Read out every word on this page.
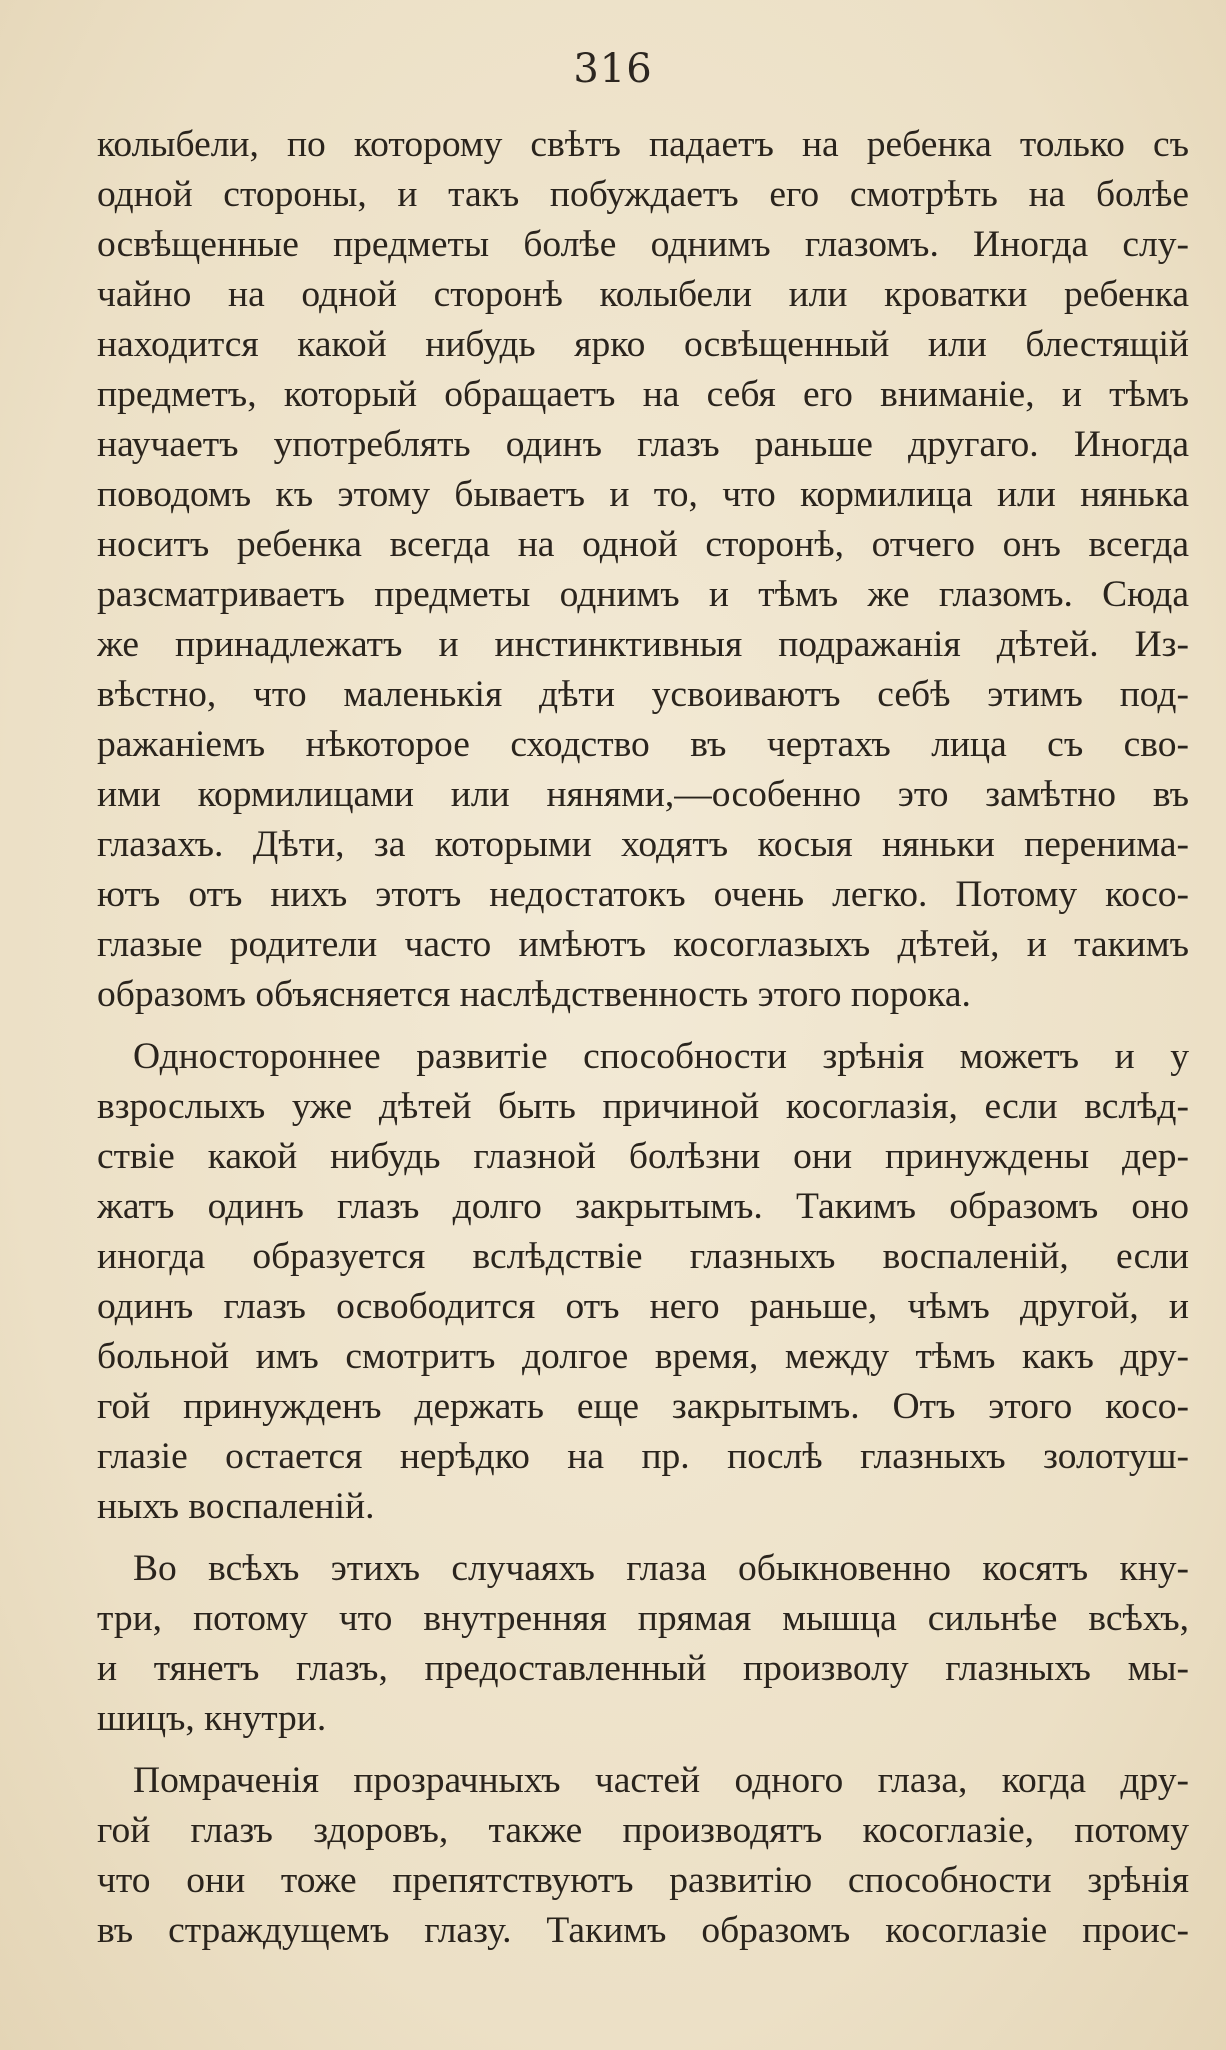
316
колыбели, по которому свѣтъ падаетъ на ребенка только съ
одной стороны, и такъ побуждаетъ его смотрѣть на болѣе
освѣщенные предметы болѣе однимъ глазомъ. Иногда слу-
чайно на одной сторонѣ колыбели или кроватки ребенка
находится какой нибудь ярко освѣщенный или блестящій
предметъ, который обращаетъ на себя его вниманіе, и тѣмъ
научаетъ употреблять одинъ глазъ раньше другаго. Иногда
поводомъ къ этому бываетъ и то, что кормилица или нянька
носитъ ребенка всегда на одной сторонѣ, отчего онъ всегда
разсматриваетъ предметы однимъ и тѣмъ же глазомъ. Сюда
же принадлежатъ и инстинктивныя подражанія дѣтей. Из-
вѣстно, что маленькія дѣти усвоиваютъ себѣ этимъ под-
ражаніемъ нѣкоторое сходство въ чертахъ лица съ сво-
ими кормилицами или нянями,—особенно это замѣтно въ
глазахъ. Дѣти, за которыми ходятъ косыя няньки перенима-
ютъ отъ нихъ этотъ недостатокъ очень легко. Потому косо-
глазые родители часто имѣютъ косоглазыхъ дѣтей, и такимъ
образомъ объясняется наслѣдственность этого порока.
Одностороннее развитіе способности зрѣнія можетъ и у
взрослыхъ уже дѣтей быть причиной косоглазія, если вслѣд-
ствіе какой нибудь глазной болѣзни они принуждены дер-
жатъ одинъ глазъ долго закрытымъ. Такимъ образомъ оно
иногда образуется вслѣдствіе глазныхъ воспаленій, если
одинъ глазъ освободится отъ него раньше, чѣмъ другой, и
больной имъ смотритъ долгое время, между тѣмъ какъ дру-
гой принужденъ держать еще закрытымъ. Отъ этого косо-
глазіе остается нерѣдко на пр. послѣ глазныхъ золотуш-
ныхъ воспаленій.
Во всѣхъ этихъ случаяхъ глаза обыкновенно косятъ кну-
три, потому что внутренняя прямая мышца сильнѣе всѣхъ,
и тянетъ глазъ, предоставленный произволу глазныхъ мы-
шицъ, кнутри.
Помраченія прозрачныхъ частей одного глаза, когда дру-
гой глазъ здоровъ, также производятъ косоглазіе, потому
что они тоже препятствуютъ развитію способности зрѣнія
въ страждущемъ глазу. Такимъ образомъ косоглазіе проис-
